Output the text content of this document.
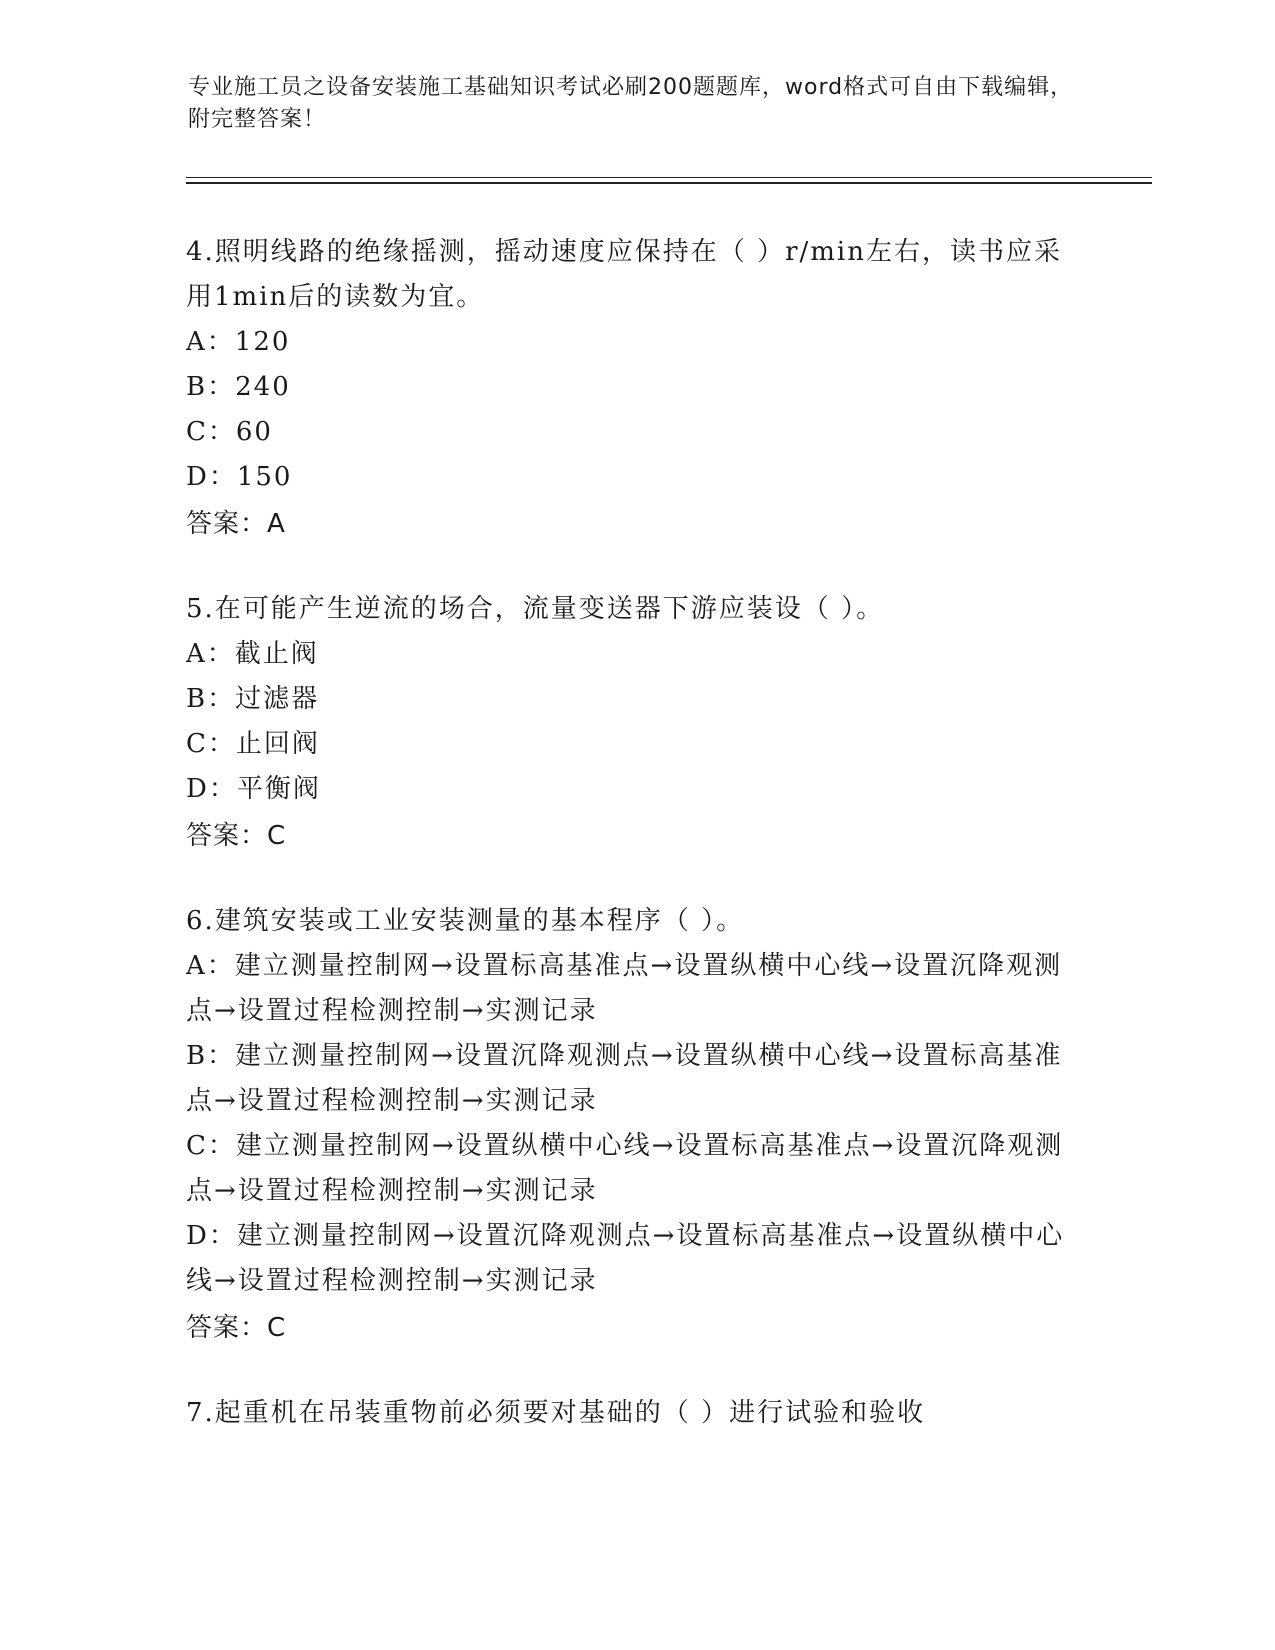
专业施工员之设备安装施工基础知识考试必刷200题题库，word格式可自由下载编辑，附完整答案！
4.照明线路的绝缘摇测，摇动速度应保持在（ ）r/min左右，读书应采用1min后的读数为宜。
A：120
B：240
C：60
D：150
答案：A
5.在可能产生逆流的场合，流量变送器下游应装设（ ）。
A：截止阀
B：过滤器
C：止回阀
D：平衡阀
答案：C
6.建筑安装或工业安装测量的基本程序（ ）。
A：建立测量控制网→设置标高基准点→设置纵横中心线→设置沉降观测点→设置过程检测控制→实测记录
B：建立测量控制网→设置沉降观测点→设置纵横中心线→设置标高基准点→设置过程检测控制→实测记录
C：建立测量控制网→设置纵横中心线→设置标高基准点→设置沉降观测点→设置过程检测控制→实测记录
D：建立测量控制网→设置沉降观测点→设置标高基准点→设置纵横中心线→设置过程检测控制→实测记录
答案：C
7.起重机在吊装重物前必须要对基础的（ ）进行试验和验收
